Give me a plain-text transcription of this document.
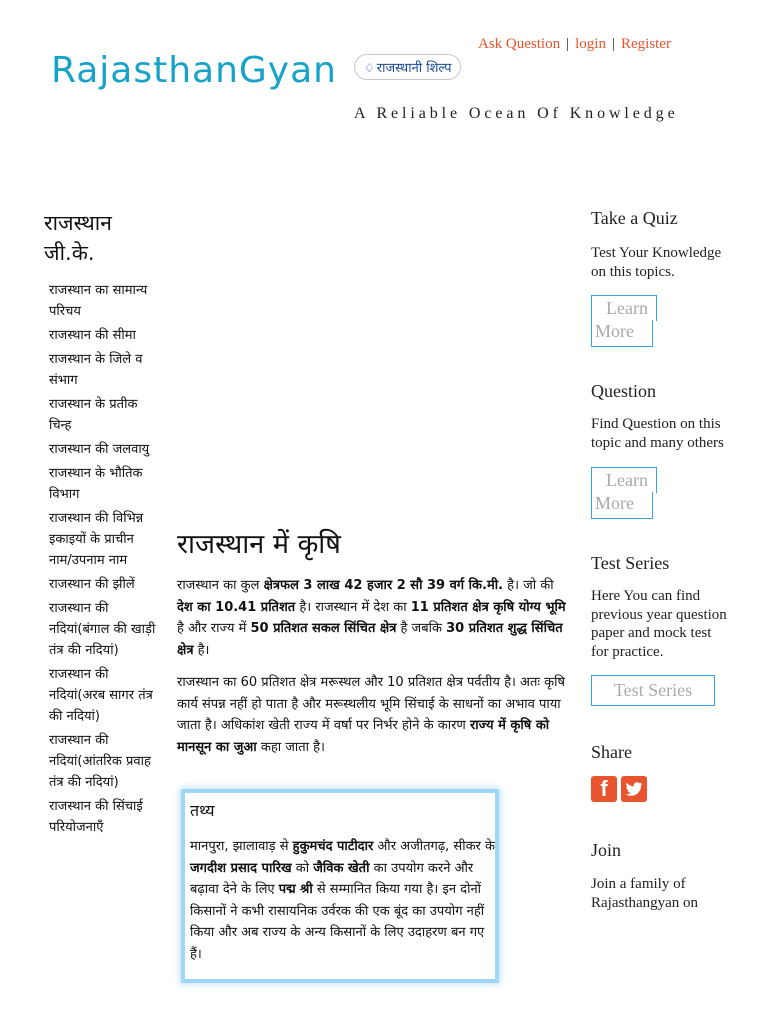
RajasthanGyan	♢ राजस्थानी शिल्प
Ask Question | login | Register
A Reliable Ocean Of Knowledge
राजस्थान जी.के.
राजस्थान का सामान्य परिचय
राजस्थान की सीमा
राजस्थान के जिले व संभाग
राजस्थान के प्रतीक चिन्ह
राजस्थान की जलवायु
राजस्थान के भौतिक विभाग
राजस्थान की विभिन्न इकाइयों के प्राचीन नाम/उपनाम नाम
राजस्थान की झीलें
राजस्थान की नदियां(बंगाल की खाड़ी तंत्र की नदियां)
राजस्थान की नदियां(अरब सागर तंत्र की नदियां)
राजस्थान की नदियां(आंतरिक प्रवाह तंत्र की नदियां)
राजस्थान की सिंचाई परियोजनाएँ
राजस्थान में कृषि

राजस्थान का कुल क्षेत्रफल 3 लाख 42 हजार 2 सौ 39 वर्ग कि.मी. है। जो की देश का 10.41 प्रतिशत है। राजस्थान में देश का 11 प्रतिशत क्षेत्र कृषि योग्य भूमि है और राज्य में 50 प्रतिशत सकल सिंचित क्षेत्र है जबकि 30 प्रतिशत शुद्ध सिंचित क्षेत्र है।

राजस्थान का 60 प्रतिशत क्षेत्र मरूस्थल और 10 प्रतिशत क्षेत्र पर्वतीय है। अतः कृषि कार्य संपन्न नहीं हो पाता है और मरूस्थलीय भूमि सिंचाई के साधनों का अभाव पाया जाता है। अधिकांश खेती राज्य में वर्षा पर निर्भर होने के कारण राज्य में कृषि को मानसून का जुआ कहा जाता है।

तथ्य

मानपुरा, झालावाड़ से हुकुमचंद पाटीदार और अजीतगढ़, सीकर के जगदीश प्रसाद पारिख को जैविक खेती का उपयोग करने और बढ़ावा देने के लिए पद्म श्री से सम्मानित किया गया है। इन दोनों किसानों ने कभी रासायनिक उर्वरक की एक बूंद का उपयोग नहीं किया और अब राज्य के अन्य किसानों के लिए उदाहरण बन गए हैं।

Take a Quiz

Test Your Knowledge on this topics.

Learn
More
Question

Find Question on this topic and many others

Learn
More
Test Series

Here You can find previous year question paper and mock test for practice.

Test Series
Share
f
Join

Join a family of Rajasthangyan on
